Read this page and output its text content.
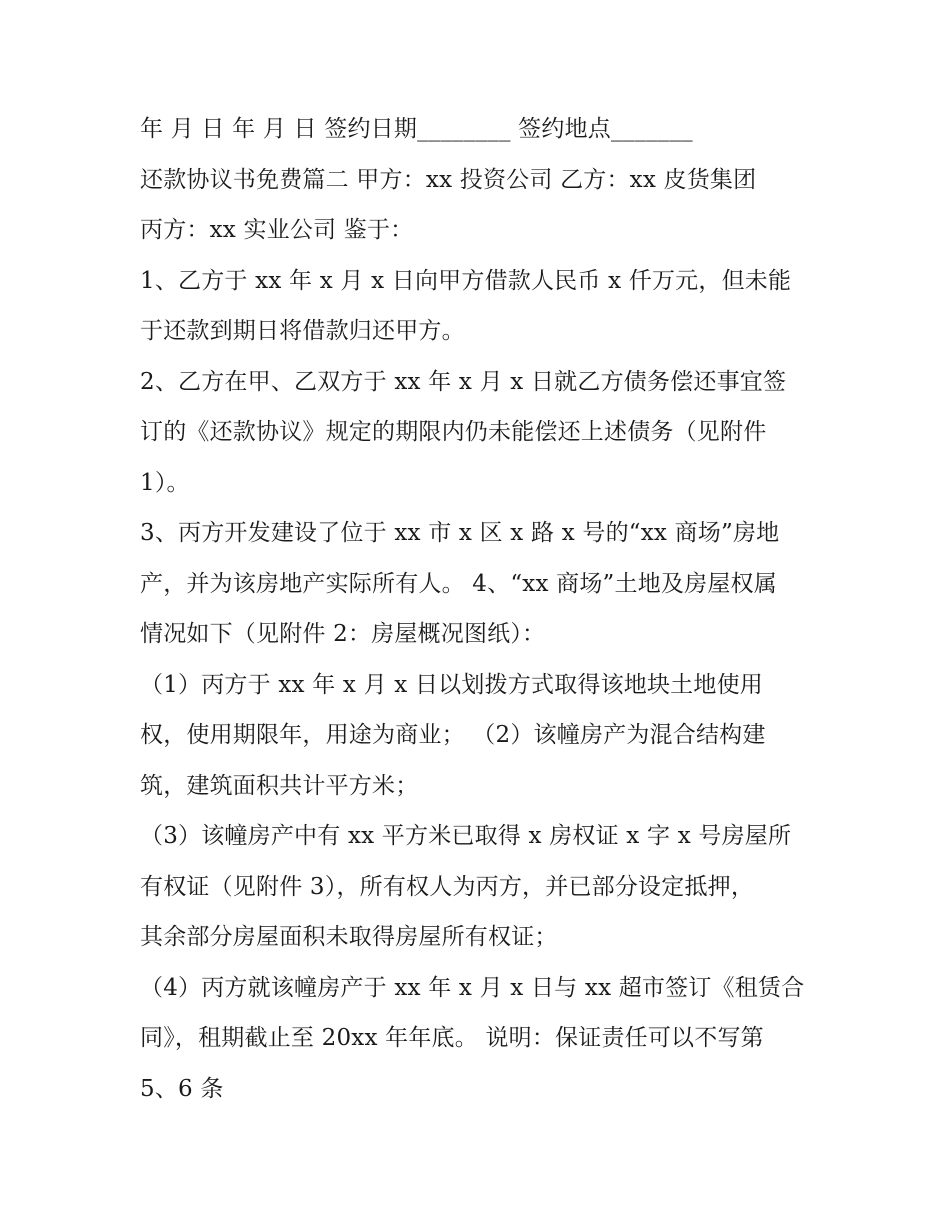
年 月 日 年 月 日 签约日期________ 签约地点_______
还款协议书免费篇二 甲方：xx 投资公司 乙方：xx 皮货集团
丙方：xx 实业公司 鉴于：
1、乙方于 xx 年 x 月 x 日向甲方借款人民币 x 仟万元，但未能
于还款到期日将借款归还甲方。
2、乙方在甲、乙双方于 xx 年 x 月 x 日就乙方债务偿还事宜签
订的《还款协议》规定的期限内仍未能偿还上述债务（见附件
1）。
3、丙方开发建设了位于 xx 市 x 区 x 路 x 号的“xx 商场”房地
产，并为该房地产实际所有人。 4、“xx 商场”土地及房屋权属
情况如下（见附件 2：房屋概况图纸）：
（1）丙方于 xx 年 x 月 x 日以划拨方式取得该地块土地使用
权，使用期限年，用途为商业； （2）该幢房产为混合结构建
筑，建筑面积共计平方米；
（3）该幢房产中有 xx 平方米已取得 x 房权证 x 字 x 号房屋所
有权证（见附件 3），所有权人为丙方，并已部分设定抵押，
其余部分房屋面积未取得房屋所有权证；
（4）丙方就该幢房产于 xx 年 x 月 x 日与 xx 超市签订《租赁合
同》，租期截止至 20xx 年年底。 说明：保证责任可以不写第
5、6 条
